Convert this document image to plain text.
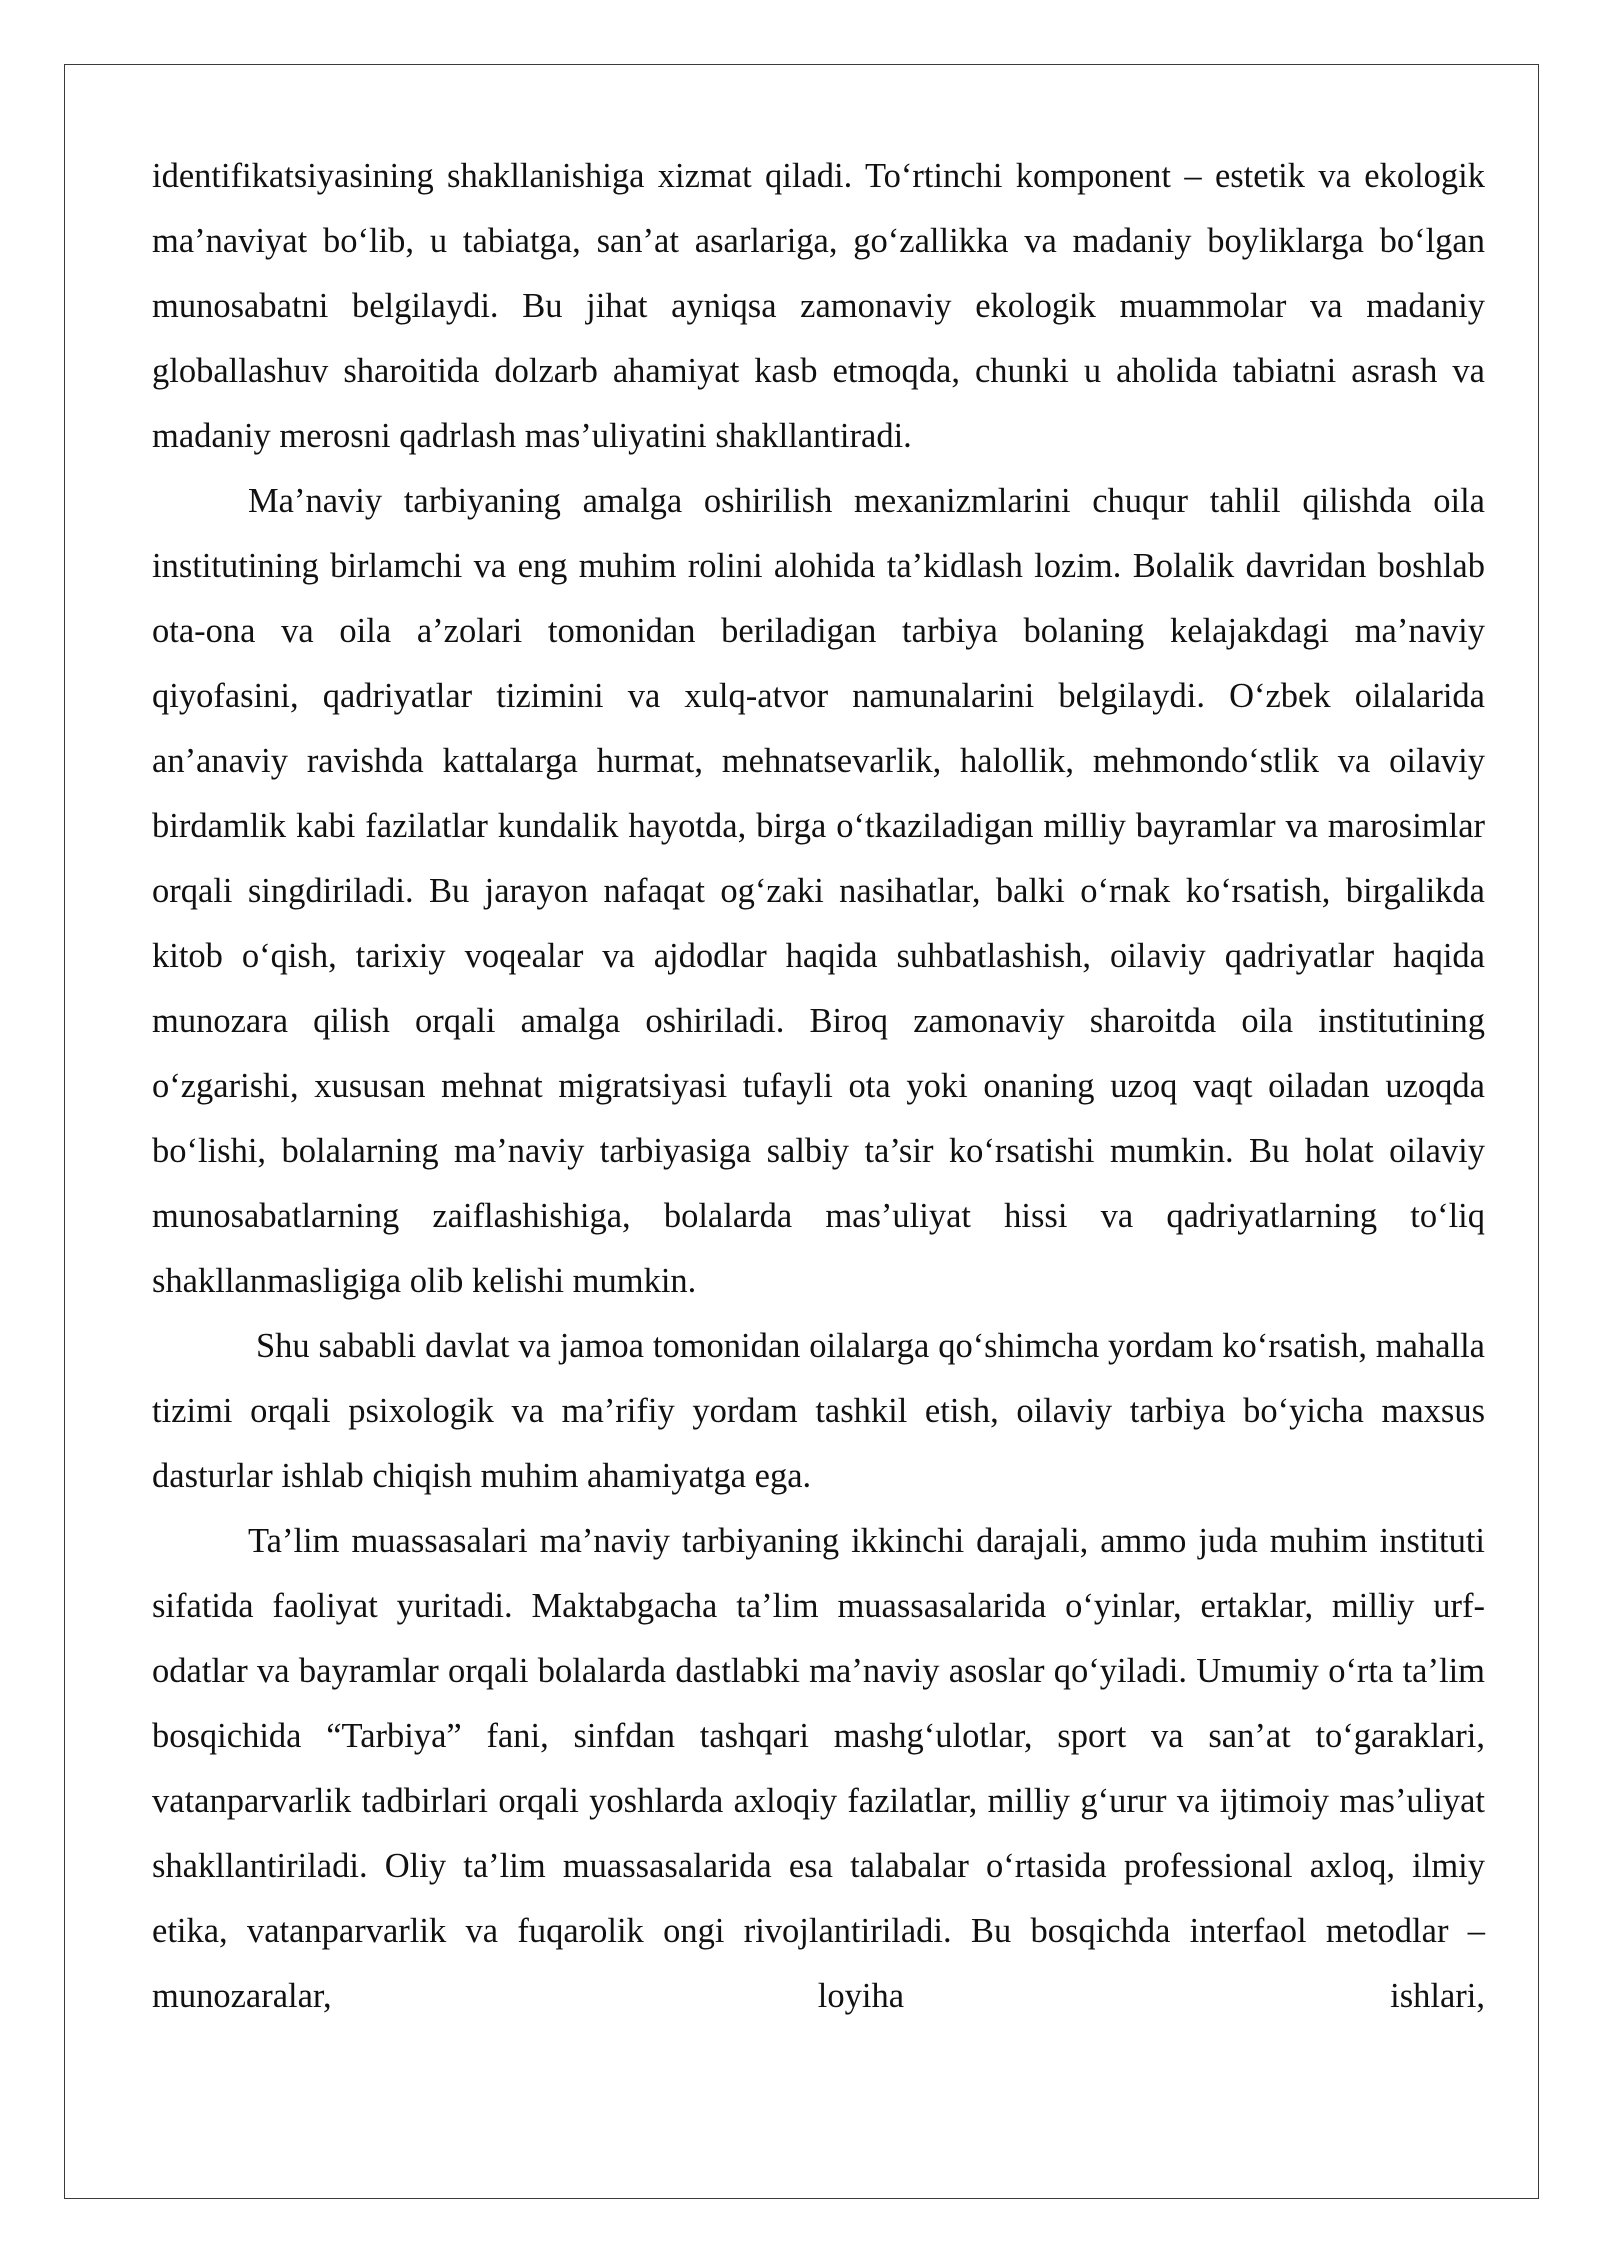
identifikatsiyasining shakllanishiga xizmat qiladi. To‘rtinchi komponent – estetik va ekologik ma’naviyat bo‘lib, u tabiatga, san’at asarlariga, go‘zallikka va madaniy boyliklarga bo‘lgan munosabatni belgilaydi. Bu jihat ayniqsa zamonaviy ekologik muammolar va madaniy globallashuv sharoitida dolzarb ahamiyat kasb etmoqda, chunki u aholida tabiatni asrash va madaniy merosni qadrlash mas’uliyatini shakllantiradi.

Ma’naviy tarbiyaning amalga oshirilish mexanizmlarini chuqur tahlil qilishda oila institutining birlamchi va eng muhim rolini alohida ta’kidlash lozim. Bolalik davridan boshlab ota-ona va oila a’zolari tomonidan beriladigan tarbiya bolaning kelajakdagi ma’naviy qiyofasini, qadriyatlar tizimini va xulq-atvor namunalarini belgilaydi. O‘zbek oilalarida an’anaviy ravishda kattalarga hurmat, mehnatsevarlik, halollik, mehmondo‘stlik va oilaviy birdamlik kabi fazilatlar kundalik hayotda, birga o‘tkaziladigan milliy bayramlar va marosimlar orqali singdiriladi. Bu jarayon nafaqat og‘zaki nasihatlar, balki o‘rnak ko‘rsatish, birgalikda kitob o‘qish, tarixiy voqealar va ajdodlar haqida suhbatlashish, oilaviy qadriyatlar haqida munozara qilish orqali amalga oshiriladi. Biroq zamonaviy sharoitda oila institutining o‘zgarishi, xususan mehnat migratsiyasi tufayli ota yoki onaning uzoq vaqt oiladan uzoqda bo‘lishi, bolalarning ma’naviy tarbiyasiga salbiy ta’sir ko‘rsatishi mumkin. Bu holat oilaviy munosabatlarning zaiflashishiga, bolalarda mas’uliyat hissi va qadriyatlarning to‘liq shakllanmasligiga olib kelishi mumkin.

Shu sababli davlat va jamoa tomonidan oilalarga qo‘shimcha yordam ko‘rsatish, mahalla tizimi orqali psixologik va ma’rifiy yordam tashkil etish, oilaviy tarbiya bo‘yicha maxsus dasturlar ishlab chiqish muhim ahamiyatga ega.

Ta’lim muassasalari ma’naviy tarbiyaning ikkinchi darajali, ammo juda muhim instituti sifatida faoliyat yuritadi. Maktabgacha ta’lim muassasalarida o‘yinlar, ertaklar, milliy urf-odatlar va bayramlar orqali bolalarda dastlabki ma’naviy asoslar qo‘yiladi. Umumiy o‘rta ta’lim bosqichida “Tarbiya” fani, sinfdan tashqari mashg‘ulotlar, sport va san’at to‘garaklari, vatanparvarlik tadbirlari orqali yoshlarda axloqiy fazilatlar, milliy g‘urur va ijtimoiy mas’uliyat shakllantiriladi. Oliy ta’lim muassasalarida esa talabalar o‘rtasida professional axloq, ilmiy etika, vatanparvarlik va fuqarolik ongi rivojlantiriladi. Bu bosqichda interfaol metodlar – munozaralar, loyiha ishlari,
